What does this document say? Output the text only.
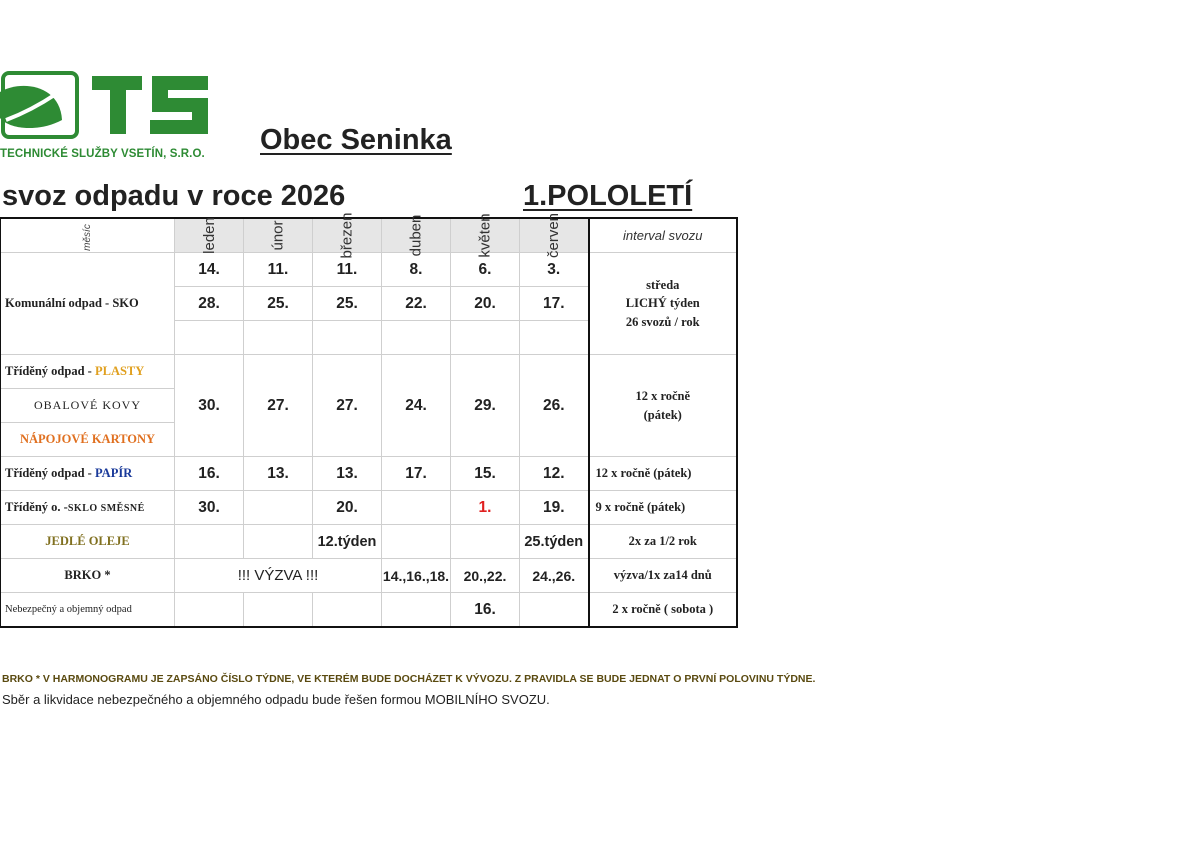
TECHNICKÉ SLUŽBY VSETÍN, S.R.O. Obec Seninka
svoz odpadu v roce 2026	1.POLOLETÍ
měsíc	leden	únor	březen	duben	květen	červen	interval svozu
Komunální odpad - SKO	14.	11.	11.	8.	6.	3.	středa
LICHÝ týden
26 svozů / rok

	28.	25.	25.	22.	20.	17.	

Tříděný odpad - PLASTY	30.	27.	27.	24.	29.	26.	12 x ročně
(pátek)

OBALOVÉ KOVY							
NÁPOJOVÉ KARTONY							
Tříděný odpad - PAPÍR	16.	13.	13.	17.	15.	12.	12 x ročně (pátek)
Tříděný o. -SKLO SMĚSNÉ	30.		20.		1.	19.	9 x ročně (pátek)
JEDLÉ OLEJE			12.týden			25.týden	2x za 1/2 rok
BRKO *	!!! VÝZVA !!!			14.,16.,18.	20.,22.	24.,26.	výzva/1x za14 dnů
Nebezpečný a objemný odpad					16.		2 x ročně ( sobota )
BRKO * V HARMONOGRAMU JE ZAPSÁNO ČÍSLO TÝDNE, VE KTERÉM BUDE DOCHÁZET K VÝVOZU. Z PRAVIDLA SE BUDE JEDNAT O PRVNÍ POLOVINU TÝDNE.
Sběr a likvidace nebezpečného a objemného odpadu bude řešen formou MOBILNÍHO SVOZU.
